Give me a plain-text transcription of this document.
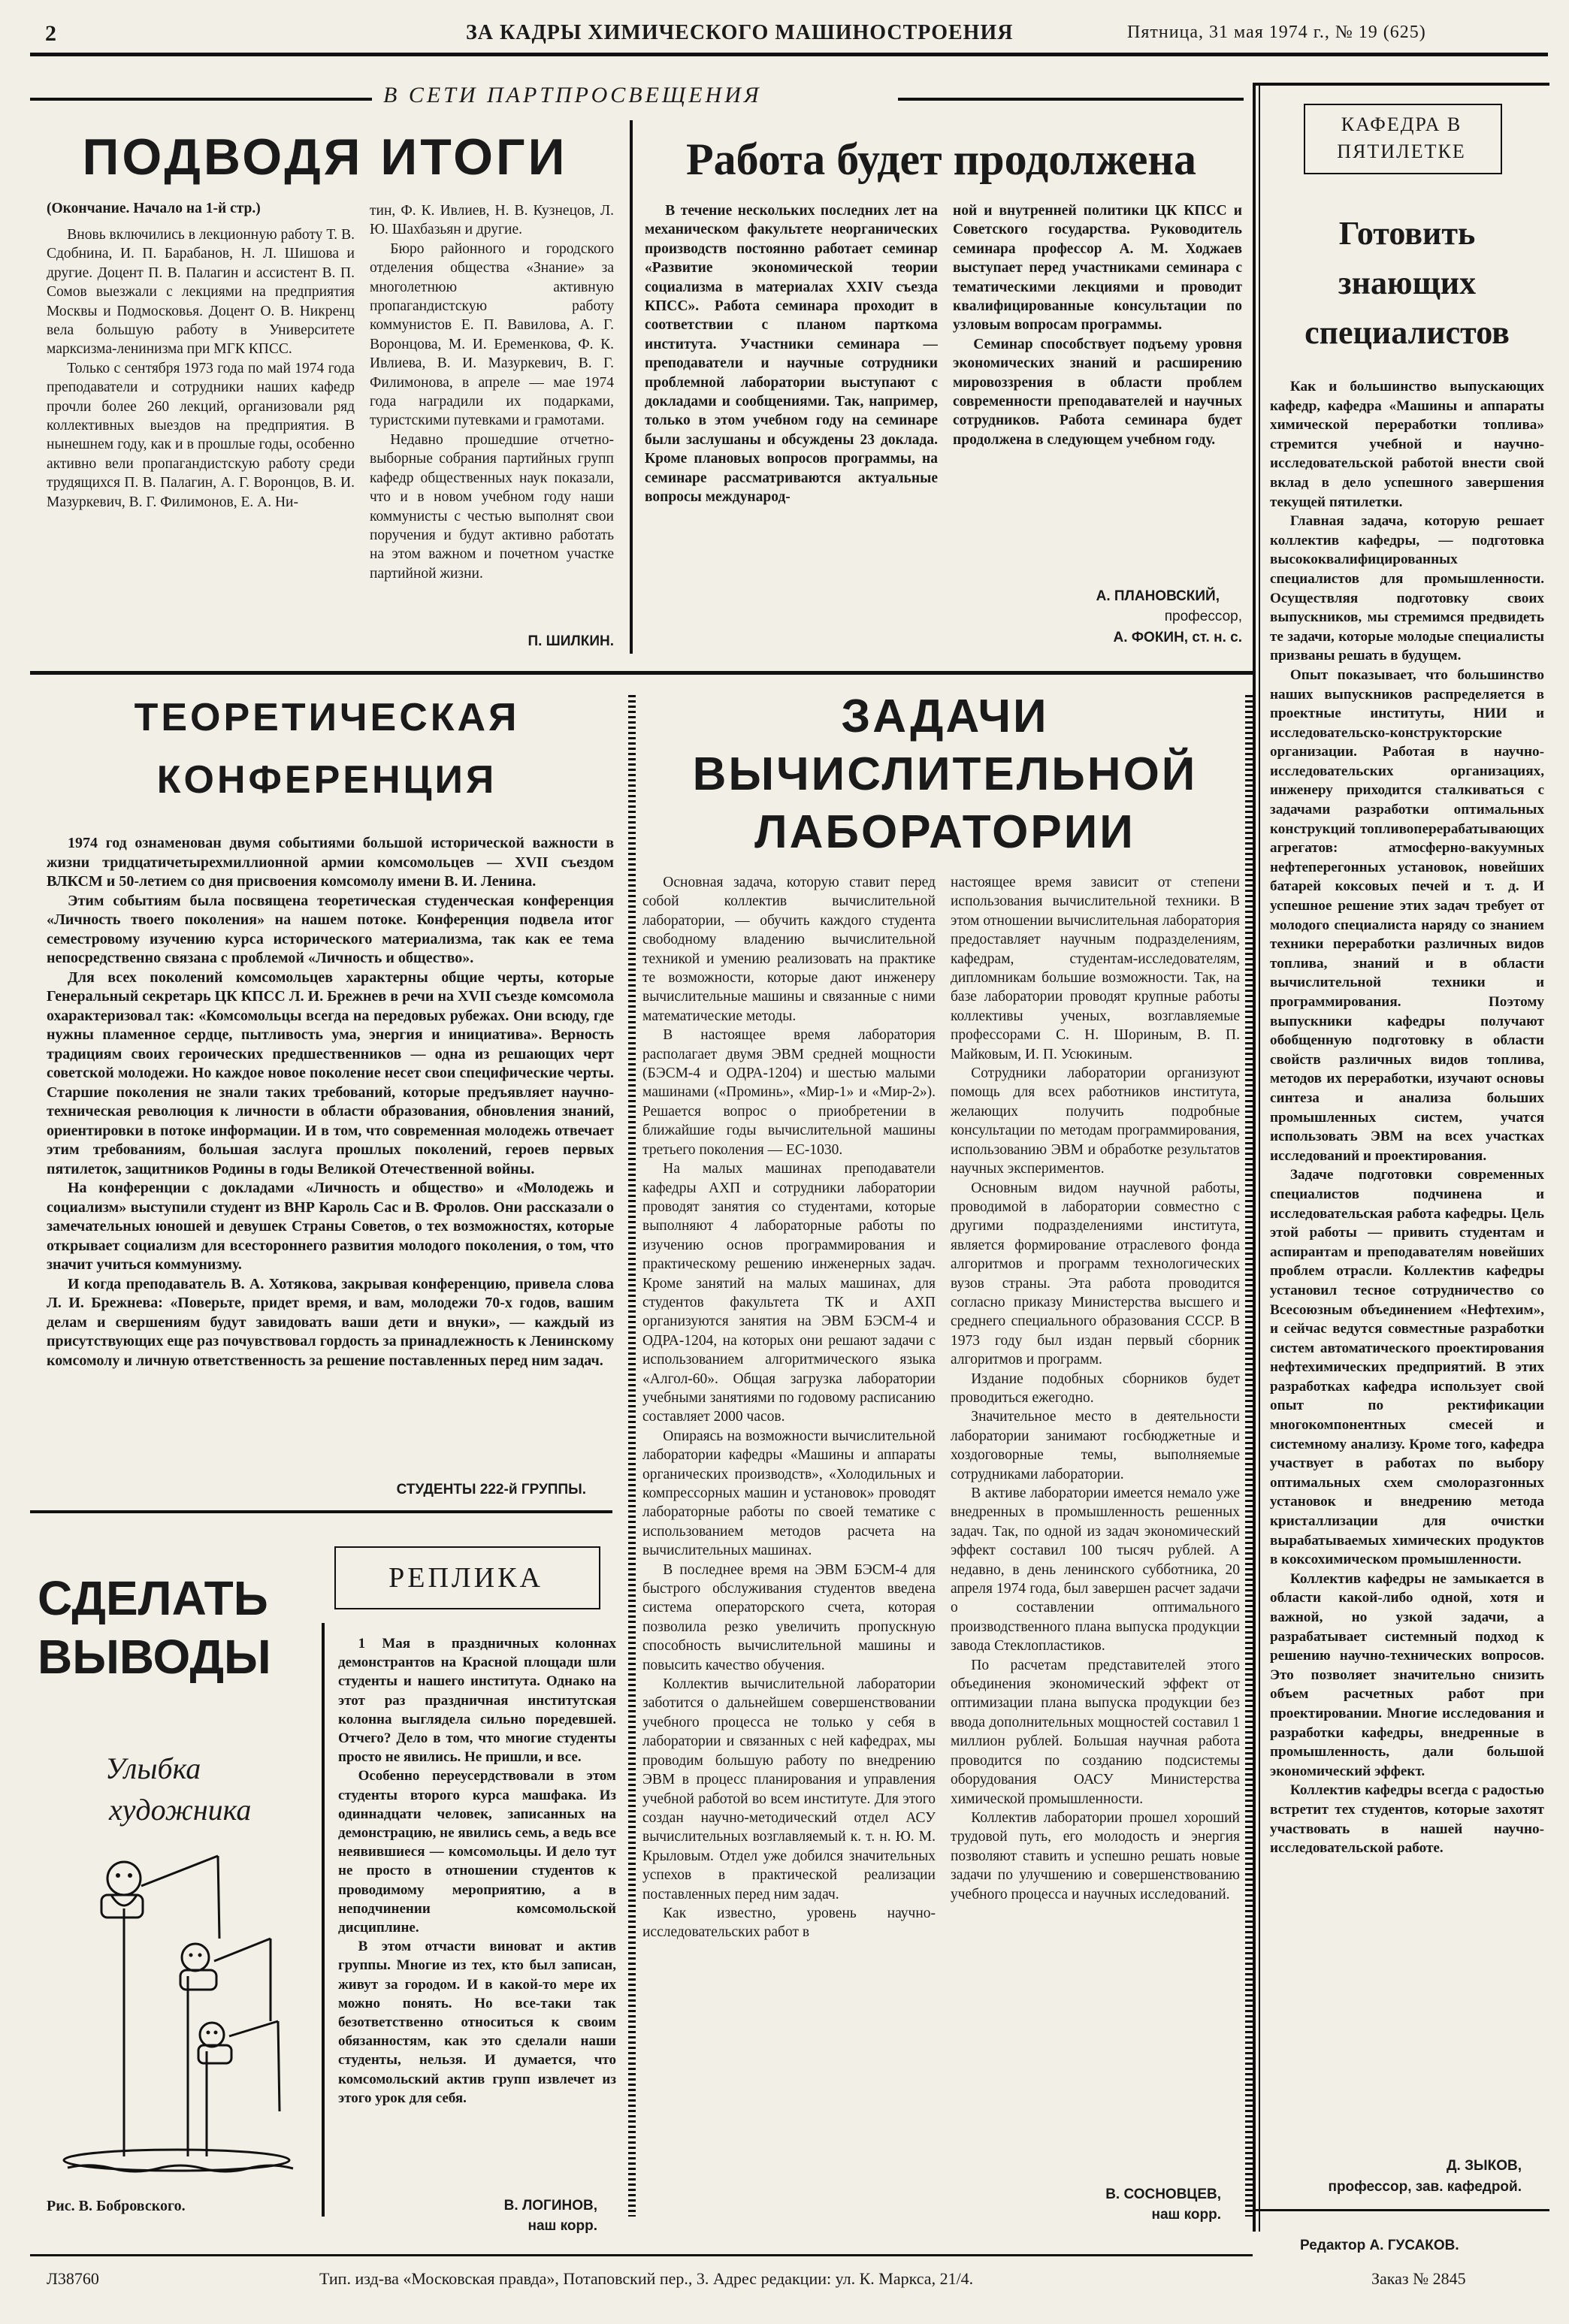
2	ЗА КАДРЫ ХИМИЧЕСКОГО МАШИНОСТРОЕНИЯ	Пятница, 31 мая 1974 г., № 19 (625)
В СЕТИ ПАРТПРОСВЕЩЕНИЯ
ПОДВОДЯ ИТОГИ
(Окончание. Начало на 1-й стр.)

Вновь включились в лекционную работу Т. В. Сдобнина, И. П. Барабанов, Н. Л. Шишова и другие. Доцент П. В. Палагин и ассистент В. П. Сомов выезжали с лекциями на предприятия Москвы и Подмосковья. Доцент О. В. Никренц вела большую работу в Университете марксизма-ленинизма при МГК КПСС.

Только с сентября 1973 года по май 1974 года преподаватели и сотрудники наших кафедр прочли более 260 лекций, организовали ряд коллективных выездов на предприятия. В нынешнем году, как и в прошлые годы, особенно активно вели пропагандистскую работу среди трудящихся П. В. Палагин, А. Г. Воронцов, В. И. Мазуркевич, В. Г. Филимонов, Е. А. Ни-

тин, Ф. К. Ивлиев, Н. В. Кузнецов, Л. Ю. Шахбазьян и другие.

Бюро районного и городского отделения общества «Знание» за многолетнюю активную пропагандистскую работу коммунистов Е. П. Вавилова, А. Г. Воронцова, М. И. Еременкова, Ф. К. Ивлиева, В. И. Мазуркевич, В. Г. Филимонова, в апреле — мае 1974 года наградили их подарками, туристскими путевками и грамотами.

Недавно прошедшие отчетно-выборные собрания партийных групп кафедр общественных наук показали, что и в новом учебном году наши коммунисты с честью выполнят свои поручения и будут активно работать на этом важном и почетном участке партийной жизни.

П. ШИЛКИН.
Работа будет продолжена

В течение нескольких последних лет на механическом факультете неорганических производств постоянно работает семинар «Развитие экономической теории социализма в материалах XXIV съезда КПСС». Работа семинара проходит в соответствии с планом парткома института. Участники семинара — преподаватели и научные сотрудники проблемной лаборатории выступают с докладами и сообщениями. Так, например, только в этом учебном году на семинаре были заслушаны и обсуждены 23 доклада. Кроме плановых вопросов программы, на семинаре рассматриваются актуальные вопросы международ-

ной и внутренней политики ЦК КПСС и Советского государства. Руководитель семинара профессор А. М. Ходжаев выступает перед участниками семинара с тематическими лекциями и проводит квалифицированные консультации по узловым вопросам программы.

Семинар способствует подъему уровня экономических знаний и расширению мировоззрения в области проблем современности преподавателей и научных сотрудников. Работа семинара будет продолжена в следующем учебном году.

А. ПЛАНОВСКИЙ,
профессор,
А. ФОКИН, ст. н. с.
КАФЕДРА В ПЯТИЛЕТКЕ
Готовить знающих специалистов

Как и большинство выпускающих кафедр, кафедра «Машины и аппараты химической переработки топлива» стремится учебной и научно-исследовательской работой внести свой вклад в дело успешного завершения текущей пятилетки.

Главная задача, которую решает коллектив кафедры, — подготовка высококвалифицированных специалистов для промышленности. Осуществляя подготовку своих выпускников, мы стремимся предвидеть те задачи, которые молодые специалисты призваны решать в будущем.

Опыт показывает, что большинство наших выпускников распределяется в проектные институты, НИИ и исследовательско-конструкторские организации. Работая в научно-исследовательских организациях, инженеру приходится сталкиваться с задачами разработки оптимальных конструкций топливоперерабатывающих агрегатов: атмосферно-вакуумных нефтеперегонных установок, новейших батарей коксовых печей и т. д. И успешное решение этих задач требует от молодого специалиста наряду со знанием техники переработки различных видов топлива, знаний и в области вычислительной техники и программирования. Поэтому выпускники кафедры получают обобщенную подготовку в области свойств различных видов топлива, методов их переработки, изучают основы синтеза и анализа больших промышленных систем, учатся использовать ЭВМ на всех участках исследований и проектирования.

Задаче подготовки современных специалистов подчинена и исследовательская работа кафедры. Цель этой работы — привить студентам и аспирантам и преподавателям новейших проблем отрасли. Коллектив кафедры установил тесное сотрудничество со Всесоюзным объединением «Нефтехим», и сейчас ведутся совместные разработки систем автоматического проектирования нефтехимических предприятий. В этих разработках кафедра использует свой опыт по ректификации многокомпонентных смесей и системному анализу. Кроме того, кафедра участвует в работах по выбору оптимальных схем смолоразгонных установок и внедрению метода кристаллизации для очистки вырабатываемых химических продуктов в коксохимическом промышленности.

Коллектив кафедры не замыкается в области какой-либо одной, хотя и важной, но узкой задачи, а разрабатывает системный подход к решению научно-технических вопросов. Это позволяет значительно снизить объем расчетных работ при проектировании. Многие исследования и разработки кафедры, внедренные в промышленность, дали большой экономический эффект.

Коллектив кафедры всегда с радостью встретит тех студентов, которые захотят участвовать в нашей научно-исследовательской работе.

Д. ЗЫКОВ,
профессор, зав. кафедрой.
Редактор А. ГУСАКОВ.
ТЕОРЕТИЧЕСКАЯ
КОНФЕРЕНЦИЯ

1974 год ознаменован двумя событиями большой исторической важности в жизни тридцатичетырехмиллионной армии комсомольцев — XVII съездом ВЛКСМ и 50-летием со дня присвоения комсомолу имени В. И. Ленина.

Этим событиям была посвящена теоретическая студенческая конференция «Личность твоего поколения» на нашем потоке. Конференция подвела итог семестровому изучению курса исторического материализма, так как ее тема непосредственно связана с проблемой «Личность и общество».

Для всех поколений комсомольцев характерны общие черты, которые Генеральный секретарь ЦК КПСС Л. И. Брежнев в речи на XVII съезде комсомола охарактеризовал так: «Комсомольцы всегда на передовых рубежах. Они всюду, где нужны пламенное сердце, пытливость ума, энергия и инициатива». Верность традициям своих героических предшественников — одна из решающих черт советской молодежи. Но каждое новое поколение несет свои специфические черты. Старшие поколения не знали таких требований, которые предъявляет научно-техническая революция к личности в области образования, обновления знаний, ориентировки в потоке информации. И в том, что современная молодежь отвечает этим требованиям, большая заслуга прошлых поколений, героев первых пятилеток, защитников Родины в годы Великой Отечественной войны.

На конференции с докладами «Личность и общество» и «Молодежь и социализм» выступили студент из ВНР Кароль Сас и В. Фролов. Они рассказали о замечательных юношей и девушек Страны Советов, о тех возможностях, которые открывает социализм для всестороннего развития молодого поколения, о том, что значит учиться коммунизму.

И когда преподаватель В. А. Хотякова, закрывая конференцию, привела слова Л. И. Брежнева: «Поверьте, придет время, и вам, молодежи 70-х годов, вашим делам и свершениям будут завидовать ваши дети и внуки», — каждый из присутствующих еще раз почувствовал гордость за принадлежность к Ленинскому комсомолу и личную ответственность за решение поставленных перед ним задач.

СТУДЕНТЫ 222-й ГРУППЫ.
ЗАДАЧИ
ВЫЧИСЛИТЕЛЬНОЙ
ЛАБОРАТОРИИ

Основная задача, которую ставит перед собой коллектив вычислительной лаборатории, — обучить каждого студента свободному владению вычислительной техникой и умению реализовать на практике те возможности, которые дают инженеру вычислительные машины и связанные с ними математические методы.

В настоящее время лаборатория располагает двумя ЭВМ средней мощности (БЭСМ-4 и ОДРА-1204) и шестью малыми машинами («Проминь», «Мир-1» и «Мир-2»). Решается вопрос о приобретении в ближайшие годы вычислительной машины третьего поколения — ЕС-1030.

На малых машинах преподаватели кафедры АХП и сотрудники лаборатории проводят занятия со студентами, которые выполняют 4 лабораторные работы по изучению основ программирования и практическому решению инженерных задач. Кроме занятий на малых машинах, для студентов факультета ТК и АХП организуются занятия на ЭВМ БЭСМ-4 и ОДРА-1204, на которых они решают задачи с использованием алгоритмического языка «Алгол-60». Общая загрузка лаборатории учебными занятиями по годовому расписанию составляет 2000 часов.

Опираясь на возможности вычислительной лаборатории кафедры «Машины и аппараты органических производств», «Холодильных и компрессорных машин и установок» проводят лабораторные работы по своей тематике с использованием методов расчета на вычислительных машинах.

В последнее время на ЭВМ БЭСМ-4 для быстрого обслуживания студентов введена система операторского счета, которая позволила резко увеличить пропускную способность вычислительной машины и повысить качество обучения.

Коллектив вычислительной лаборатории заботится о дальнейшем совершенствовании учебного процесса не только у себя в лаборатории и связанных с ней кафедрах, мы проводим большую работу по внедрению ЭВМ в процесс планирования и управления учебной работой во всем институте. Для этого создан научно-методический отдел АСУ вычислительных возглавляемый к. т. н. Ю. М. Крыловым. Отдел уже добился значительных успехов в практической реализации поставленных перед ним задач.

Как известно, уровень научно-исследовательских работ в

настоящее время зависит от степени использования вычислительной техники. В этом отношении вычислительная лаборатория предоставляет научным подразделениям, кафедрам, студентам-исследователям, дипломникам большие возможности. Так, на базе лаборатории проводят крупные работы коллективы ученых, возглавляемые профессорами С. Н. Шориным, В. П. Майковым, И. П. Усюкиным.

Сотрудники лаборатории организуют помощь для всех работников института, желающих получить подробные консультации по методам программирования, использованию ЭВМ и обработке результатов научных экспериментов.

Основным видом научной работы, проводимой в лаборатории совместно с другими подразделениями института, является формирование отраслевого фонда алгоритмов и программ технологических вузов страны. Эта работа проводится согласно приказу Министерства высшего и среднего специального образования СССР. В 1973 году был издан первый сборник алгоритмов и программ.

Издание подобных сборников будет проводиться ежегодно.

Значительное место в деятельности лаборатории занимают госбюджетные и хоздоговорные темы, выполняемые сотрудниками лаборатории.

В активе лаборатории имеется немало уже внедренных в промышленность решенных задач. Так, по одной из задач экономический эффект составил 100 тысяч рублей. А недавно, в день ленинского субботника, 20 апреля 1974 года, был завершен расчет задачи о составлении оптимального производственного плана выпуска продукции завода Стеклопластиков.

По расчетам представителей этого объединения экономический эффект от оптимизации плана выпуска продукции без ввода дополнительных мощностей составил 1 миллион рублей. Большая научная работа проводится по созданию подсистемы оборудования ОАСУ Министерства химической промышленности.

Коллектив лаборатории прошел хороший трудовой путь, его молодость и энергия позволяют ставить и успешно решать новые задачи по улучшению и совершенствованию учебного процесса и научных исследований.

В. СОСНОВЦЕВ,
наш корр.
СДЕЛАТЬ
ВЫВОДЫ
Улыбка
художника
Рис. В. Бобровского.
РЕПЛИКА

1 Мая в праздничных колоннах демонстрантов на Красной площади шли студенты и нашего института. Однако на этот раз праздничная институтская колонна выглядела сильно поредевшей. Отчего? Дело в том, что многие студенты просто не явились. Не пришли, и все.

Особенно переусердствовали в этом студенты второго курса машфака. Из одиннадцати человек, записанных на демонстрацию, не явились семь, а ведь все неявившиеся — комсомольцы. И дело тут не просто в отношении студентов к проводимому мероприятию, а в неподчинении комсомольской дисциплине.

В этом отчасти виноват и актив группы. Многие из тех, кто был записан, живут за городом. И в какой-то мере их можно понять. Но все-таки так безответственно относиться к своим обязанностям, как это сделали наши студенты, нельзя. И думается, что комсомольский актив групп извлечет из этого урок для себя.

В. ЛОГИНОВ,
наш корр.
Л38760	Тип. изд-ва «Московская правда», Потаповский пер., 3. Адрес редакции: ул. К. Маркса, 21/4.	Заказ № 2845
